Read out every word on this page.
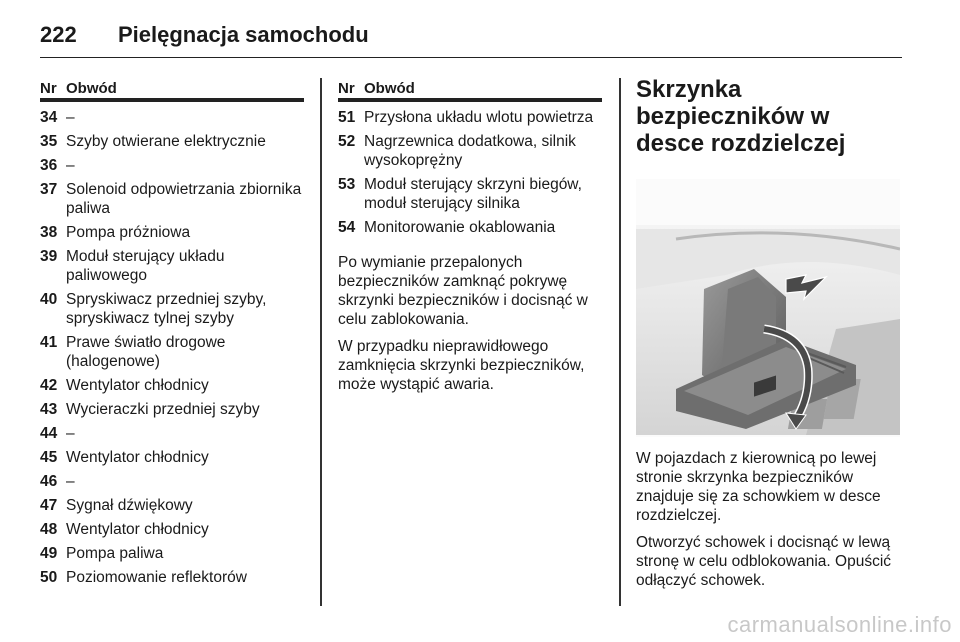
222 Pielęgnacja samochodu
Nr Obwód
34 –
35 Szyby otwierane elektrycznie
36 –
37 Solenoid odpowietrzania zbiornika paliwa
38 Pompa próżniowa
39 Moduł sterujący układu paliwowego
40 Spryskiwacz przedniej szyby, spryskiwacz tylnej szyby
41 Prawe światło drogowe (halogenowe)
42 Wentylator chłodnicy
43 Wycieraczki przedniej szyby
44 –
45 Wentylator chłodnicy
46 –
47 Sygnał dźwiękowy
48 Wentylator chłodnicy
49 Pompa paliwa
50 Poziomowanie reflektorów
Nr Obwód
51 Przysłona układu wlotu powietrza
52 Nagrzewnica dodatkowa, silnik wysokoprężny
53 Moduł sterujący skrzyni biegów, moduł sterujący silnika
54 Monitorowanie okablowania

Po wymianie przepalonych bezpieczników zamknąć pokrywę skrzynki bezpieczników i docisnąć w celu zablokowania.

W przypadku nieprawidłowego zamknięcia skrzynki bezpieczników, może wystąpić awaria.

Skrzynka bezpieczników w desce rozdzielczej

W pojazdach z kierownicą po lewej stronie skrzynka bezpieczników znajduje się za schowkiem w desce rozdzielczej.

Otworzyć schowek i docisnąć w lewą stronę w celu odblokowania. Opuścić odłączyć schowek.

carmanualsonline.info
